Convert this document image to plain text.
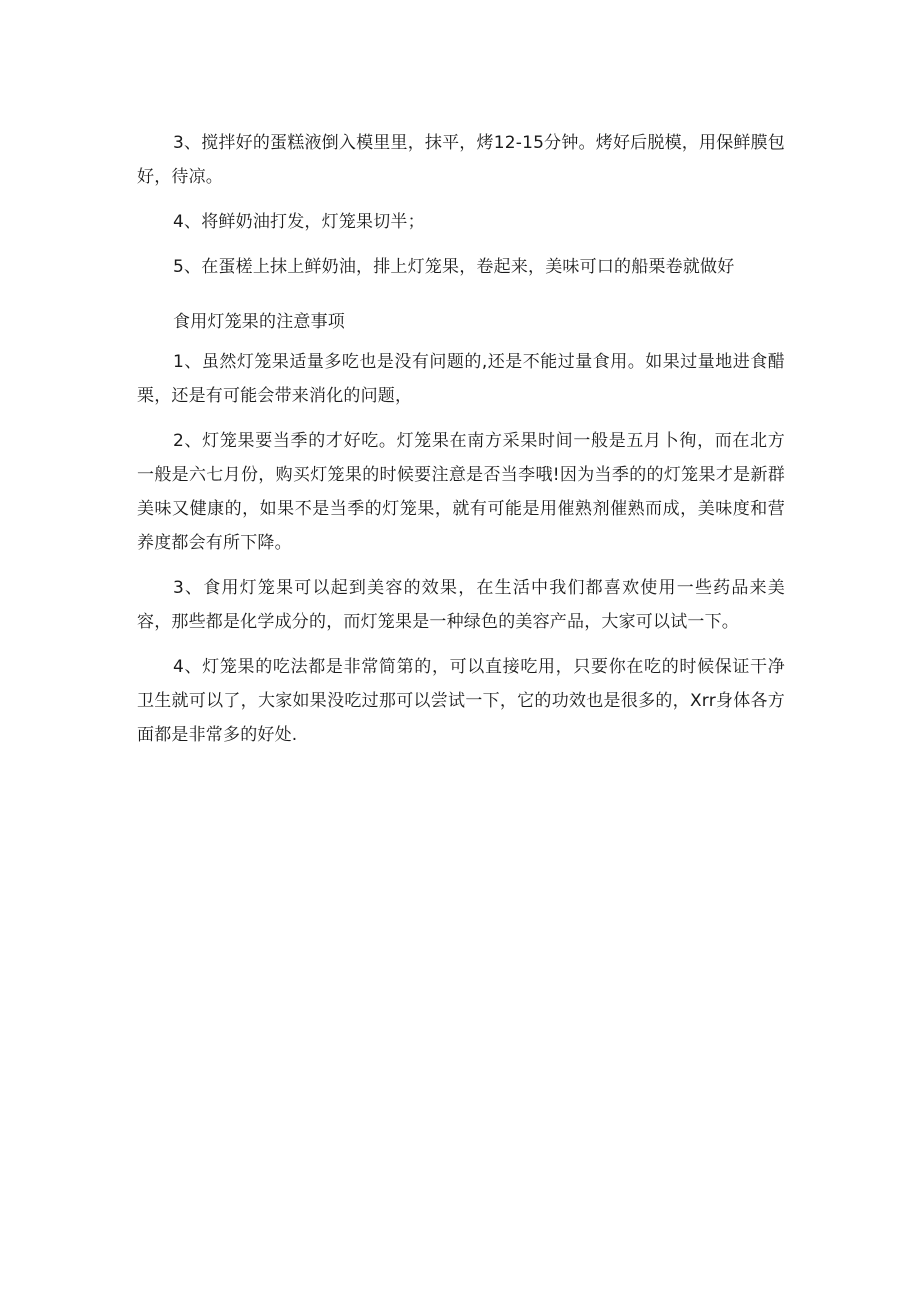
3、搅拌好的蛋糕液倒入模里里，抹平，烤12-15分钟。烤好后脱模，用保鲜膜包好，待凉。

4、将鲜奶油打发，灯笼果切半；

5、在蛋槎上抹上鲜奶油，排上灯笼果，卷起来，美味可口的船栗卷就做好

食用灯笼果的注意事项

1、虽然灯笼果适量多吃也是没有问题的,还是不能过量食用。如果过量地进食醋栗，还是有可能会带来消化的问题，

2、灯笼果要当季的才好吃。灯笼果在南方采果时间一般是五月卜徇，而在北方一般是六七月份，购买灯笼果的时候要注意是否当李哦!因为当季的的灯笼果才是新群美味又健康的，如果不是当季的灯笼果，就有可能是用催熟剂催熟而成，美味度和营养度都会有所下降。

3、食用灯笼果可以起到美容的效果，在生活中我们都喜欢使用一些药品来美容，那些都是化学成分的，而灯笼果是一种绿色的美容产品，大家可以试一下。

4、灯笼果的吃法都是非常简第的，可以直接吃用，只要你在吃的时候保证干净卫生就可以了，大家如果没吃过那可以尝试一下，它的功效也是很多的，Xrr身体各方面都是非常多的好处.
